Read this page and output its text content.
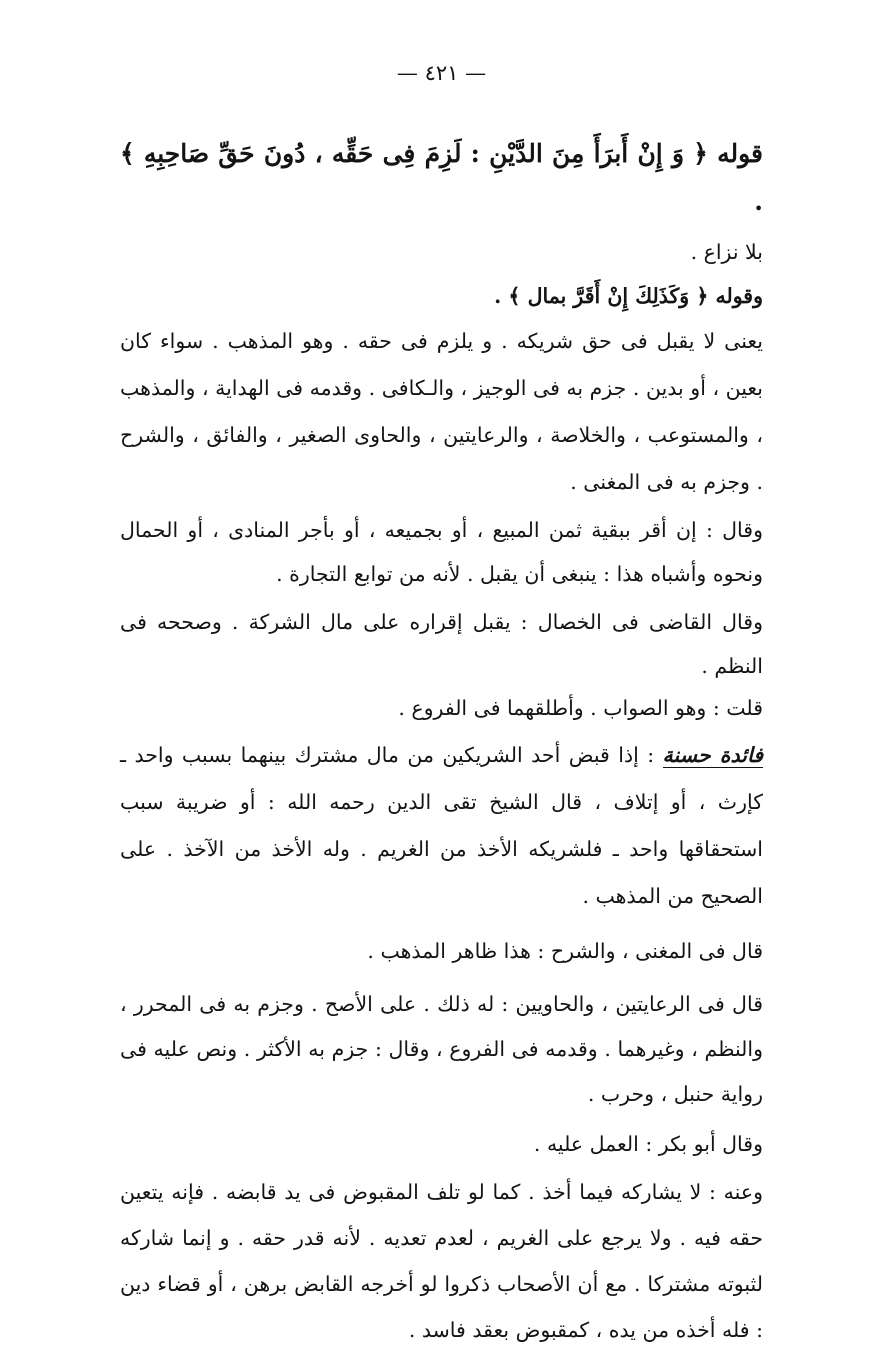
— ٤٢١ —

قوله ﴿ وَ إِنْ أَبرَأَ مِنَ الدَّيْنِ : لَزِمَ فِى حَقِّه ، دُونَ حَقِّ صَاحِبِهِ ﴾ .

بلا نزاع .

وقوله ﴿ وَكَذَلِكَ إِنْ أَقَرَّ بمال ﴾ .

يعنى لا يقبل فى حق شريكه . و يلزم فى حقه . وهو المذهب . سواء كان بعين ، أو بدين . جزم به فى الوجيز ، والـكافى . وقدمه فى الهداية ، والمذهب ، والمستوعب ، والخلاصة ، والرعايتين ، والحاوى الصغير ، والفائق ، والشرح . وجزم به فى المغنى .

وقال : إن أقر ببقية ثمن المبيع ، أو بجميعه ، أو بأجر المنادى ، أو الحمال ونحوه وأشباه هذا : ينبغى أن يقبل . لأنه من توابع التجارة .

وقال القاضى فى الخصال : يقبل إقراره على مال الشركة . وصححه فى النظم .

قلت : وهو الصواب . وأطلقهما فى الفروع .

فائدة حسنة : إذا قبض أحد الشريكين من مال مشترك بينهما بسبب واحد ـ كإرث ، أو إتلاف ، قال الشيخ تقى الدين رحمه الله : أو ضريبة سبب استحقاقها واحد ـ فلشريكه الأخذ من الغريم . وله الأخذ من الآخذ . على الصحيح من المذهب .

قال فى المغنى ، والشرح : هذا ظاهر المذهب .

قال فى الرعايتين ، والحاويين : له ذلك . على الأصح . وجزم به فى المحرر ، والنظم ، وغيرهما . وقدمه فى الفروع ، وقال : جزم به الأكثر . ونص عليه فى رواية حنبل ، وحرب .

وقال أبو بكر : العمل عليه .

وعنه : لا يشاركه فيما أخذ . كما لو تلف المقبوض فى يد قابضه . فإنه يتعين حقه فيه . ولا يرجع على الغريم ، لعدم تعديه . لأنه قدر حقه . و إنما شاركه لثبوته مشتركا . مع أن الأصحاب ذكروا لو أخرجه القابض برهن ، أو قضاء دين : فله أخذه من يده ، كمقبوض بعقد فاسد .
